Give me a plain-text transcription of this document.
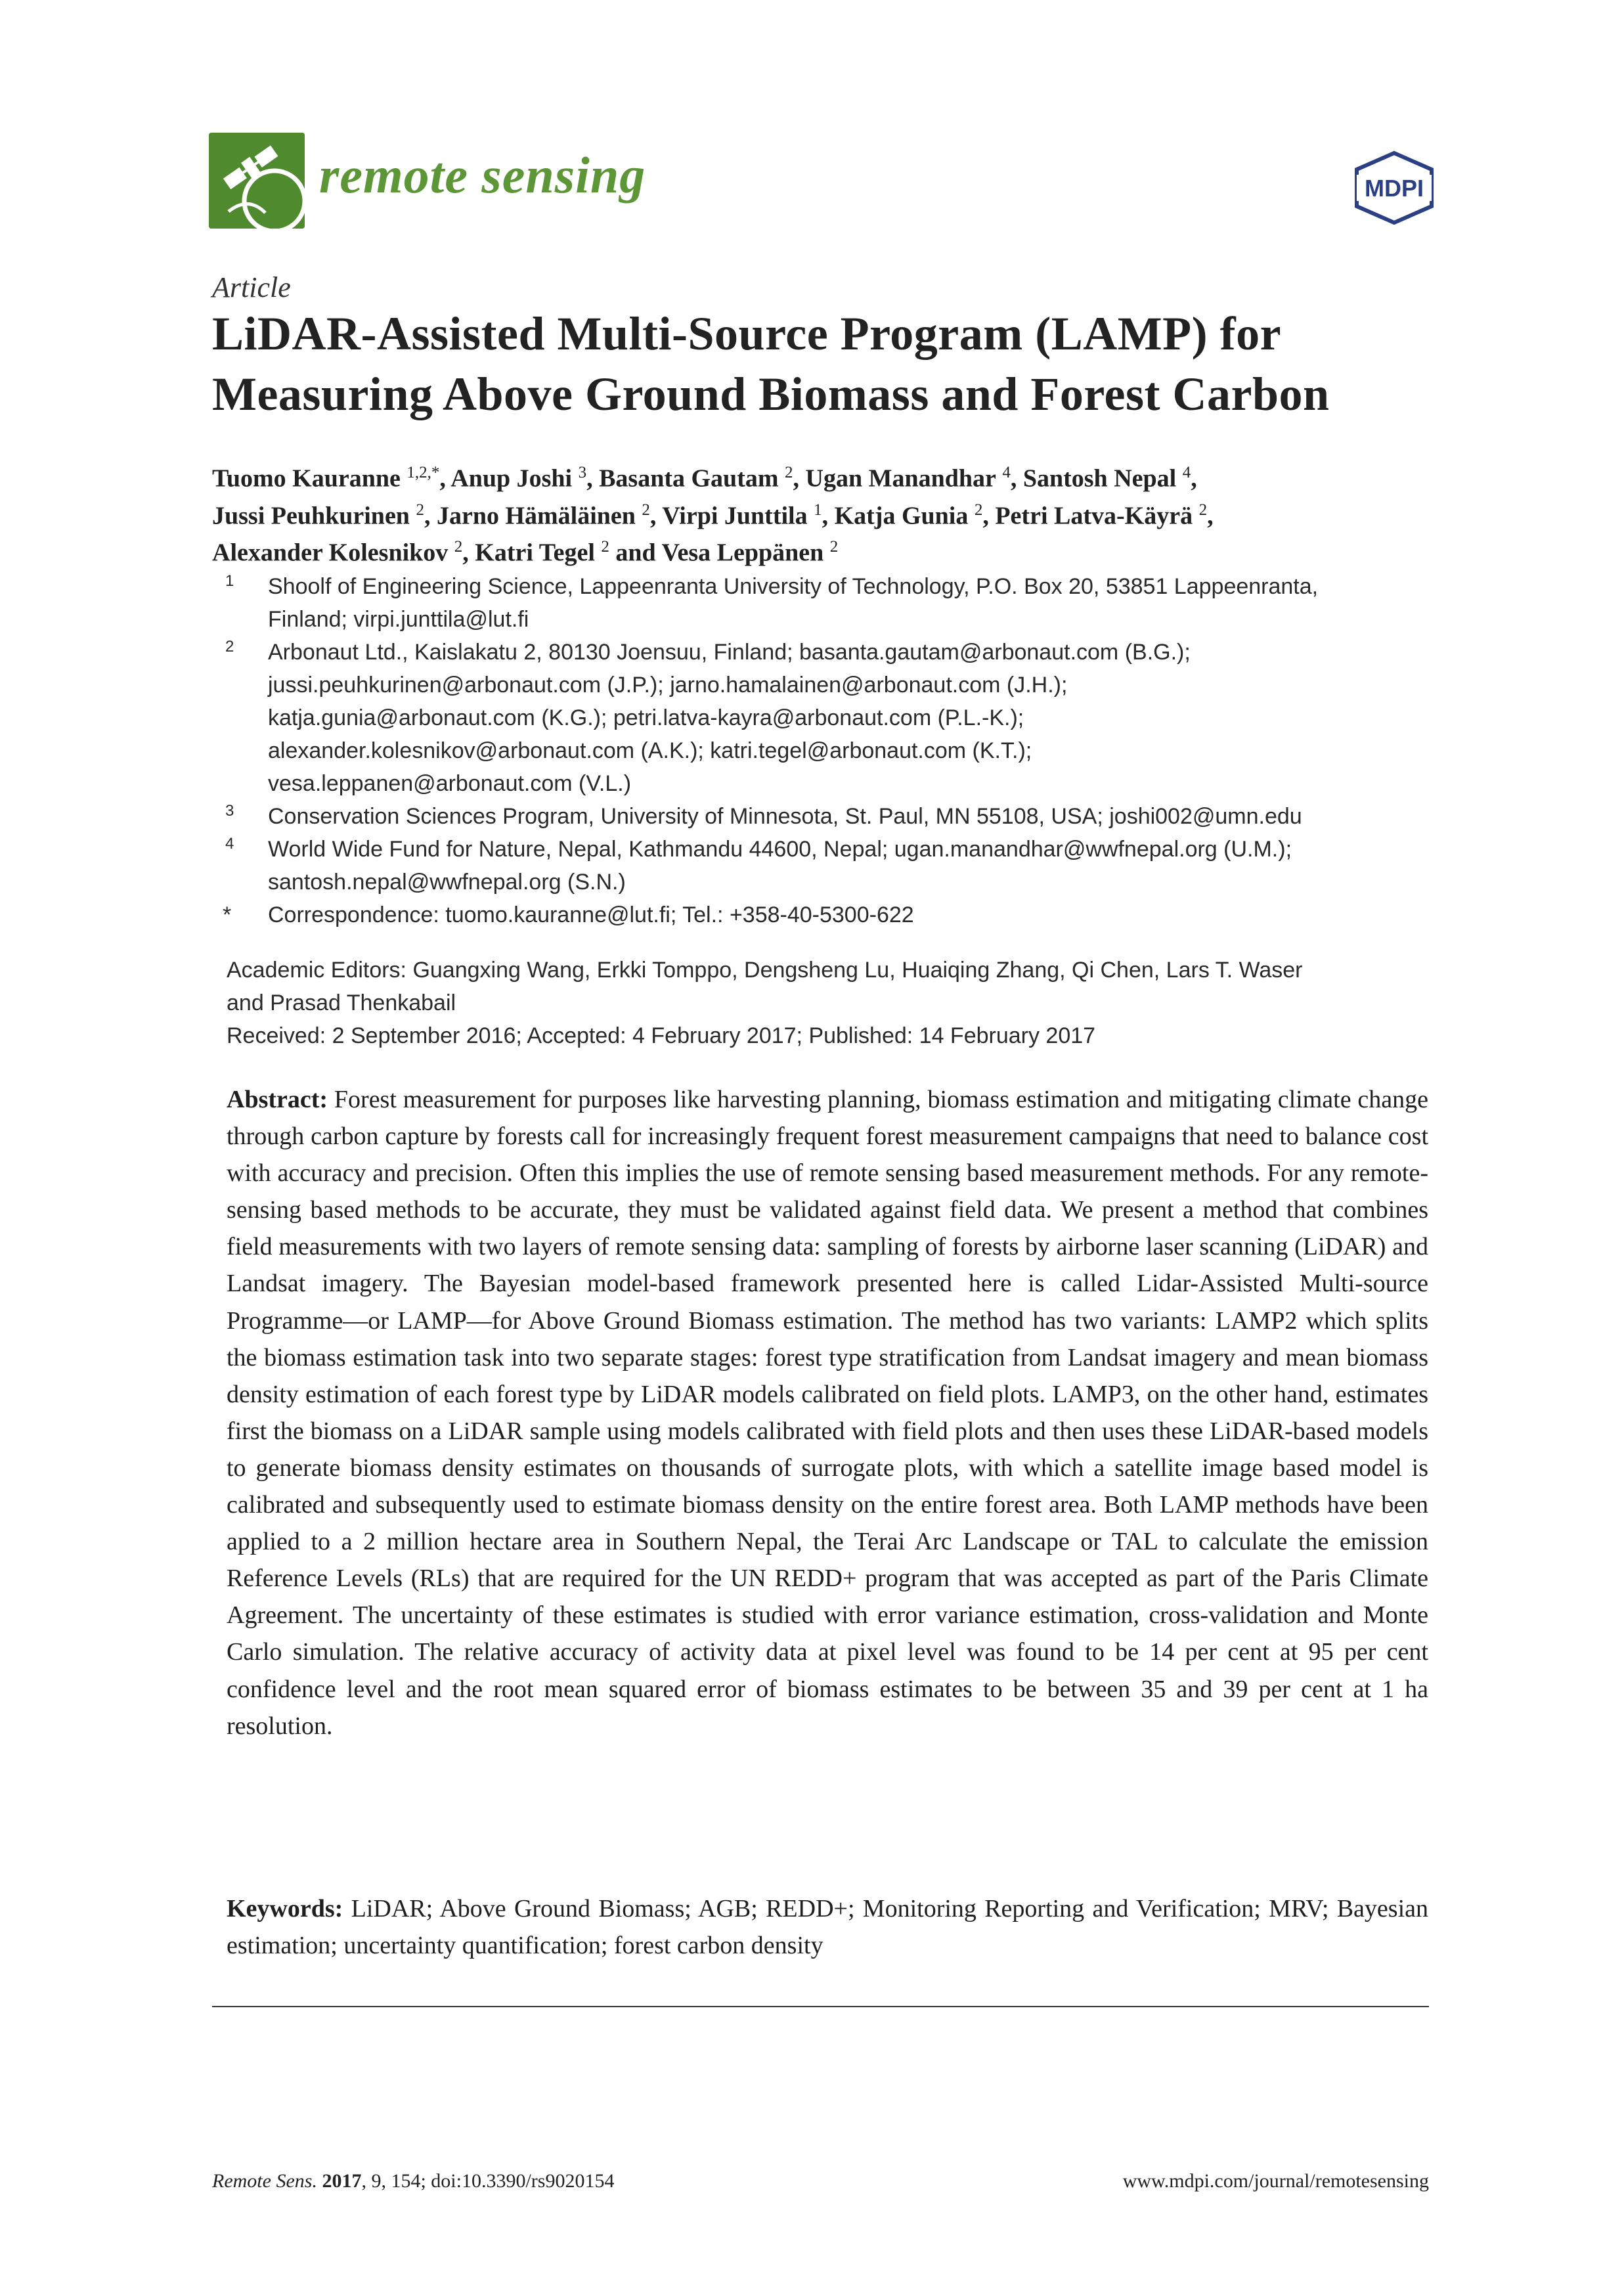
remote sensing	MDPI
Article
LiDAR-Assisted Multi-Source Program (LAMP) for
Measuring Above Ground Biomass and Forest Carbon
Tuomo Kauranne $^{1,2,*}$, Anup Joshi $^3$, Basanta Gautam $^2$, Ugan Manandhar $^4$, Santosh Nepal $^4$,
Jussi Peuhkurinen $^2$, Jarno Hämäläinen $^2$, Virpi Junttila $^1$, Katja Gunia $^2$, Petri Latva-Käyrä $^2$,
Alexander Kolesnikov $^2$, Katri Tegel $^2$ and Vesa Leppänen $^2$
1 Shoolf of Engineering Science, Lappeenranta University of Technology, P.O. Box 20, 53851 Lappeenranta,
Finland; virpi.junttila@lut.fi
2 Arbonaut Ltd., Kaislakatu 2, 80130 Joensuu, Finland; basanta.gautam@arbonaut.com (B.G.);
jussi.peuhkurinen@arbonaut.com (J.P.); jarno.hamalainen@arbonaut.com (J.H.);
katja.gunia@arbonaut.com (K.G.); petri.latva-kayra@arbonaut.com (P.L.-K.);
alexander.kolesnikov@arbonaut.com (A.K.); katri.tegel@arbonaut.com (K.T.);
vesa.leppanen@arbonaut.com (V.L.)
3 Conservation Sciences Program, University of Minnesota, St. Paul, MN 55108, USA; joshi002@umn.edu
4 World Wide Fund for Nature, Nepal, Kathmandu 44600, Nepal; ugan.manandhar@wwfnepal.org (U.M.);
santosh.nepal@wwfnepal.org (S.N.)
* Correspondence: tuomo.kauranne@lut.fi; Tel.: +358-40-5300-622
Academic Editors: Guangxing Wang, Erkki Tomppo, Dengsheng Lu, Huaiqing Zhang, Qi Chen, Lars T. Waser
and Prasad Thenkabail
Received: 2 September 2016; Accepted: 4 February 2017; Published: 14 February 2017
Abstract: Forest measurement for purposes like harvesting planning, biomass estimation and mitigating climate change through carbon capture by forests call for increasingly frequent forest measurement campaigns that need to balance cost with accuracy and precision. Often this implies the use of remote sensing based measurement methods. For any remote-sensing based methods to be accurate, they must be validated against field data. We present a method that combines field measurements with two layers of remote sensing data: sampling of forests by airborne laser scanning (LiDAR) and Landsat imagery. The Bayesian model-based framework presented here is called Lidar-Assisted Multi-source Programme—or LAMP—for Above Ground Biomass estimation. The method has two variants: LAMP2 which splits the biomass estimation task into two separate stages: forest type stratification from Landsat imagery and mean biomass density estimation of each forest type by LiDAR models calibrated on field plots. LAMP3, on the other hand, estimates first the biomass on a LiDAR sample using models calibrated with field plots and then uses these LiDAR-based models to generate biomass density estimates on thousands of surrogate plots, with which a satellite image based model is calibrated and subsequently used to estimate biomass density on the entire forest area. Both LAMP methods have been applied to a 2 million hectare area in Southern Nepal, the Terai Arc Landscape or TAL to calculate the emission Reference Levels (RLs) that are required for the UN REDD+ program that was accepted as part of the Paris Climate Agreement. The uncertainty of these estimates is studied with error variance estimation, cross-validation and Monte Carlo simulation. The relative accuracy of activity data at pixel level was found to be 14 per cent at 95 per cent confidence level and the root mean squared error of biomass estimates to be between 35 and 39 per cent at 1 ha resolution.
Keywords: LiDAR; Above Ground Biomass; AGB; REDD+; Monitoring Reporting and Verification; MRV; Bayesian estimation; uncertainty quantification; forest carbon density
Remote Sens. 2017, 9, 154; doi:10.3390/rs9020154	www.mdpi.com/journal/remotesensing
